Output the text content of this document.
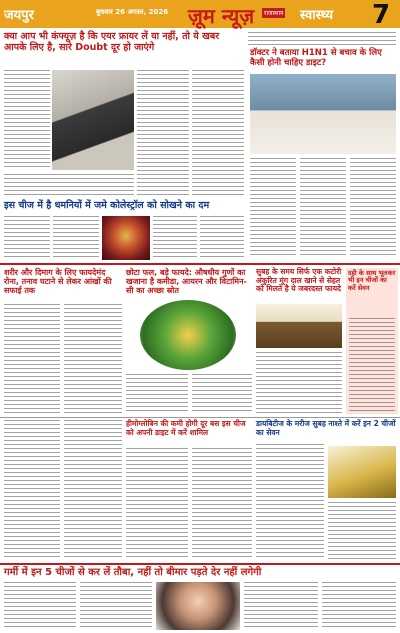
जयपुर	बुधवार 26 अगस्त, 2026 ज़ूम न्यूज़	राजस्थान स्वास्थ्य 7
क्या आप भी कंफ्यूज़ है कि एयर फ्रायर लें या नहीं, तो ये खबर आपके लिए है, सारे Doubt दूर हो जाएंगे
डॉक्टर ने बताया H1N1 से बचाव के लिए कैसी होनी चाहिए डाइट?
इस चीज में है धमनियों में जमे कोलेस्ट्रॉल को सोखने का दम
शरीर और दिमाग के लिए फायदेमंद रोना, तनाव घटाने से लेकर आंखों की सफाई तक
छोटा फल, बड़े फायदे: औषधीय गुणों का खजाना है कमीडा, आयरन और विटामिन-सी का अच्छा स्रोत
सुबह के समय सिर्फ एक कटोरी अंकुरित मूंग दाल खाने से सेहत को मिलते है ये जबरदस्त फायदे
दही के साथ भूलकर भी इन चीजों का करें सेवन
हीमोग्लोबिन की कमी होगी दूर बस इस चीज को अपनी डाइट में करें शामिल
डायबिटीज के मरीज सुबह नाश्ते में करें इन 2 चीजों का सेवन
गर्मी में इन 5 चीजों से कर लें तौबा, नहीं तो बीमार पड़ते देर नहीं लगेगी
